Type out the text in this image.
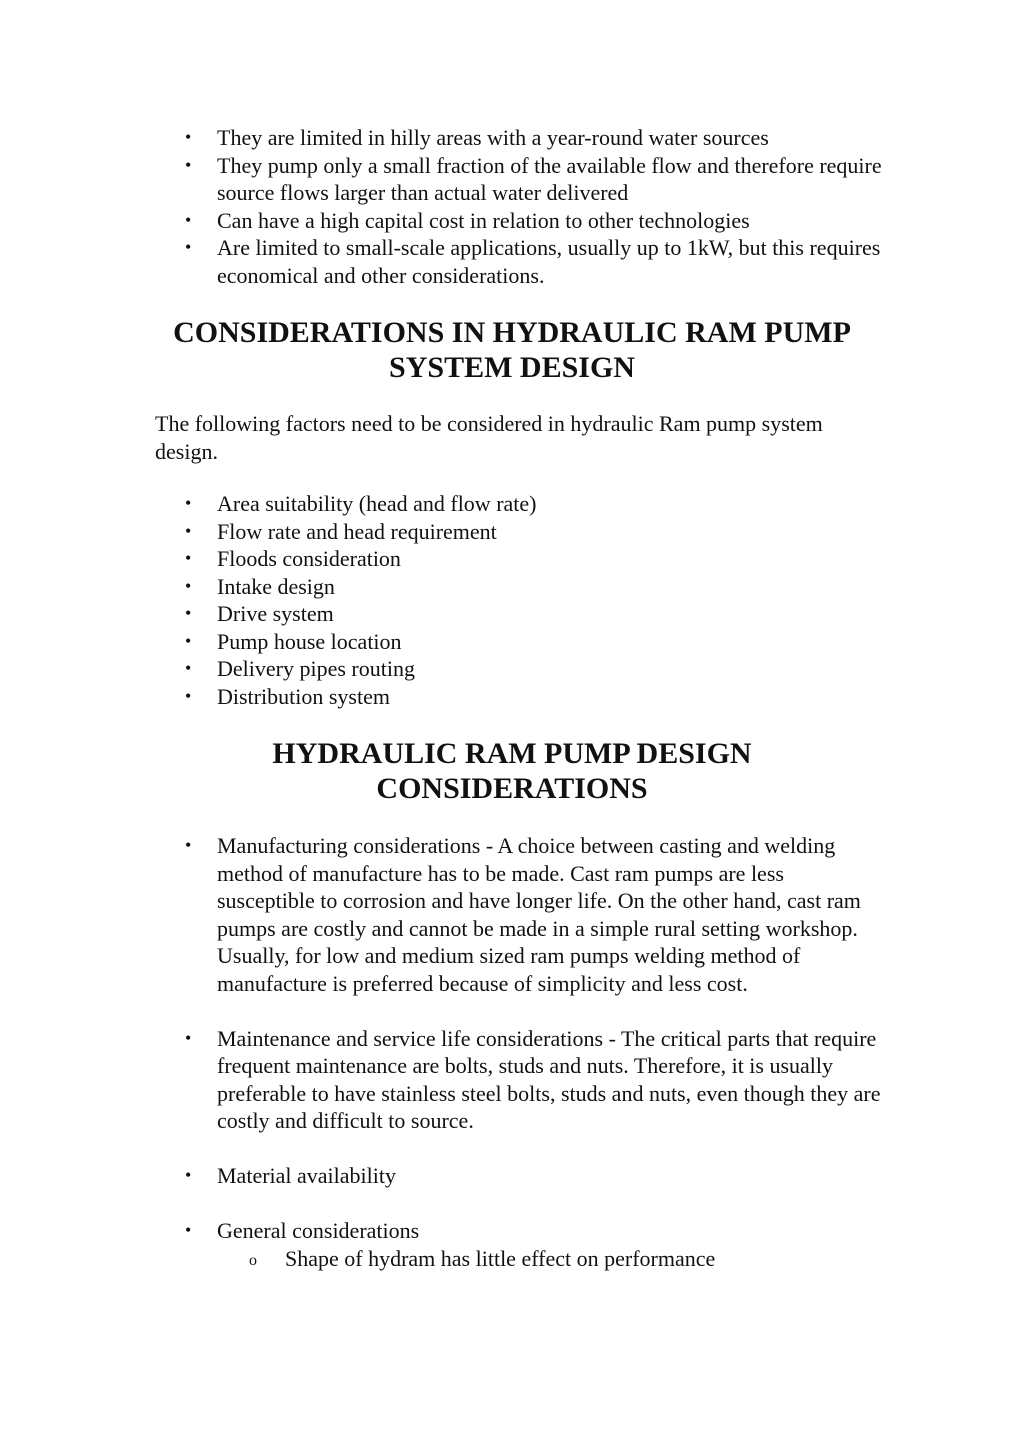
• They are limited in hilly areas with a year-round water sources
• They pump only a small fraction of the available flow and therefore require source flows larger than actual water delivered
• Can have a high capital cost in relation to other technologies
• Are limited to small-scale applications, usually up to 1kW, but this requires economical and other considerations.
CONSIDERATIONS IN HYDRAULIC RAM PUMP
SYSTEM DESIGN

The following factors need to be considered in hydraulic Ram pump system design.

• Area suitability (head and flow rate)
• Flow rate and head requirement
• Floods consideration
• Intake design
• Drive system
• Pump house location
• Delivery pipes routing
• Distribution system
HYDRAULIC RAM PUMP DESIGN
CONSIDERATIONS
• Manufacturing considerations - A choice between casting and welding method of manufacture has to be made. Cast ram pumps are less susceptible to corrosion and have longer life. On the other hand, cast ram pumps are costly and cannot be made in a simple rural setting workshop. Usually, for low and medium sized ram pumps welding method of manufacture is preferred because of simplicity and less cost.
• Maintenance and service life considerations - The critical parts that require frequent maintenance are bolts, studs and nuts. Therefore, it is usually preferable to have stainless steel bolts, studs and nuts, even though they are costly and difficult to source.
• Material availability
• General considerations
o Shape of hydram has little effect on performance
